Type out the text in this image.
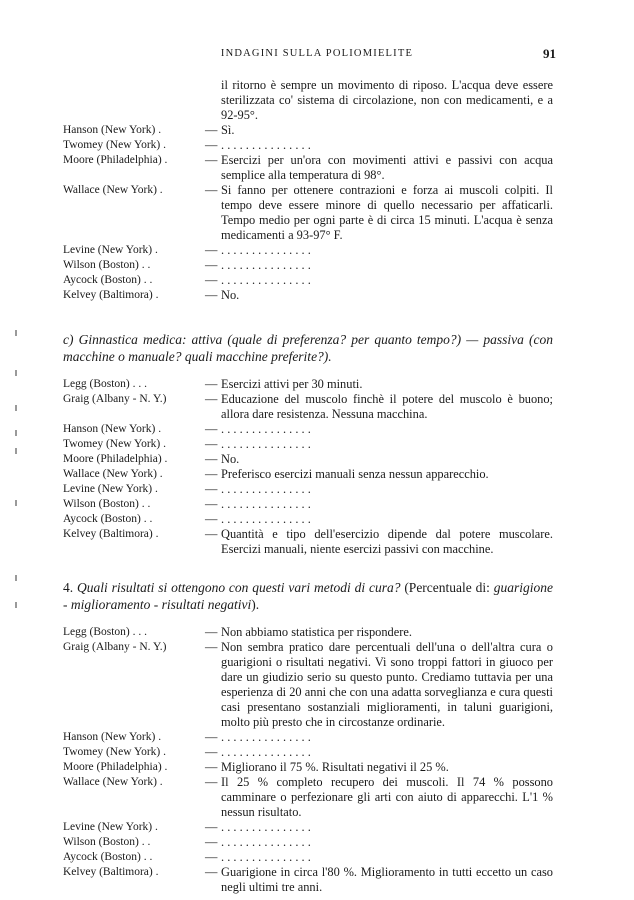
INDAGINI SULLA POLIOMIELITE	91
il ritorno è sempre un movimento di riposo. L'acqua deve essere sterilizzata co' sistema di circolazione, non con medicamenti, e a 92-95°.
Hanson (New York) .	— Sì.
Twomey (New York) .	— . . . . . . . . . . . . . . .
Moore (Philadelphia) .	— Esercizi per un'ora con movimenti attivi e passivi con acqua semplice alla temperatura di 98°.
Wallace (New York) .	— Si fanno per ottenere contrazioni e forza ai muscoli colpiti. Il tempo deve essere minore di quello necessario per affaticarli. Tempo medio per ogni parte è di circa 15 minuti. L'acqua è senza medicamenti a 93-97° F.
Levine (New York) .	— . . . . . . . . . . . . . . .
Wilson (Boston) . .	— . . . . . . . . . . . . . . .
Aycock (Boston) . .	— . . . . . . . . . . . . . . .
Kelvey (Baltimora) .	— No.
c) Ginnastica medica: attiva (quale di preferenza? per quanto tempo?) — passiva (con macchine o manuale? quali macchine preferite?).
Legg (Boston) . . .	— Esercizi attivi per 30 minuti.
Graig (Albany - N. Y.)	— Educazione del muscolo finchè il potere del muscolo è buono; allora dare resistenza. Nessuna macchina.
Hanson (New York) .	— . . . . . . . . . . . . . . .
Twomey (New York) .	— . . . . . . . . . . . . . . .
Moore (Philadelphia) .	— No.
Wallace (New York) .	— Preferisco esercizi manuali senza nessun apparecchio.
Levine (New York) .	— . . . . . . . . . . . . . . .
Wilson (Boston) . .	— . . . . . . . . . . . . . . .
Aycock (Boston) . .	— . . . . . . . . . . . . . . .
Kelvey (Baltimora) .	— Quantità e tipo dell'esercizio dipende dal potere muscolare. Esercizi manuali, niente esercizi passivi con macchine.
4. Quali risultati si ottengono con questi vari metodi di cura? (Percentuale di: guarigione - miglioramento - risultati negativi).
Legg (Boston) . . .	— Non abbiamo statistica per rispondere.
Graig (Albany - N. Y.)	— Non sembra pratico dare percentuali dell'una o dell'altra cura o guarigioni o risultati negativi. Vi sono troppi fattori in giuoco per dare un giudizio serio su questo punto. Crediamo tuttavia per una esperienza di 20 anni che con una adatta sorveglianza e cura questi casi presentano sostanziali miglioramenti, in taluni guarigioni, molto più presto che in circostanze ordinarie.
Hanson (New York) .	— . . . . . . . . . . . . . . .
Twomey (New York) .	— . . . . . . . . . . . . . . .
Moore (Philadelphia) .	— Migliorano il 75 %. Risultati negativi il 25 %.
Wallace (New York) .	— Il 25 % completo recupero dei muscoli. Il 74 % possono camminare o perfezionare gli arti con aiuto di apparecchi. L'1 % nessun risultato.
Levine (New York) .	— . . . . . . . . . . . . . . .
Wilson (Boston) . .	— . . . . . . . . . . . . . . .
Aycock (Boston) . .	— . . . . . . . . . . . . . . .
Kelvey (Baltimora) .	— Guarigione in circa l'80 %. Miglioramento in tutti eccetto un caso negli ultimi tre anni.
